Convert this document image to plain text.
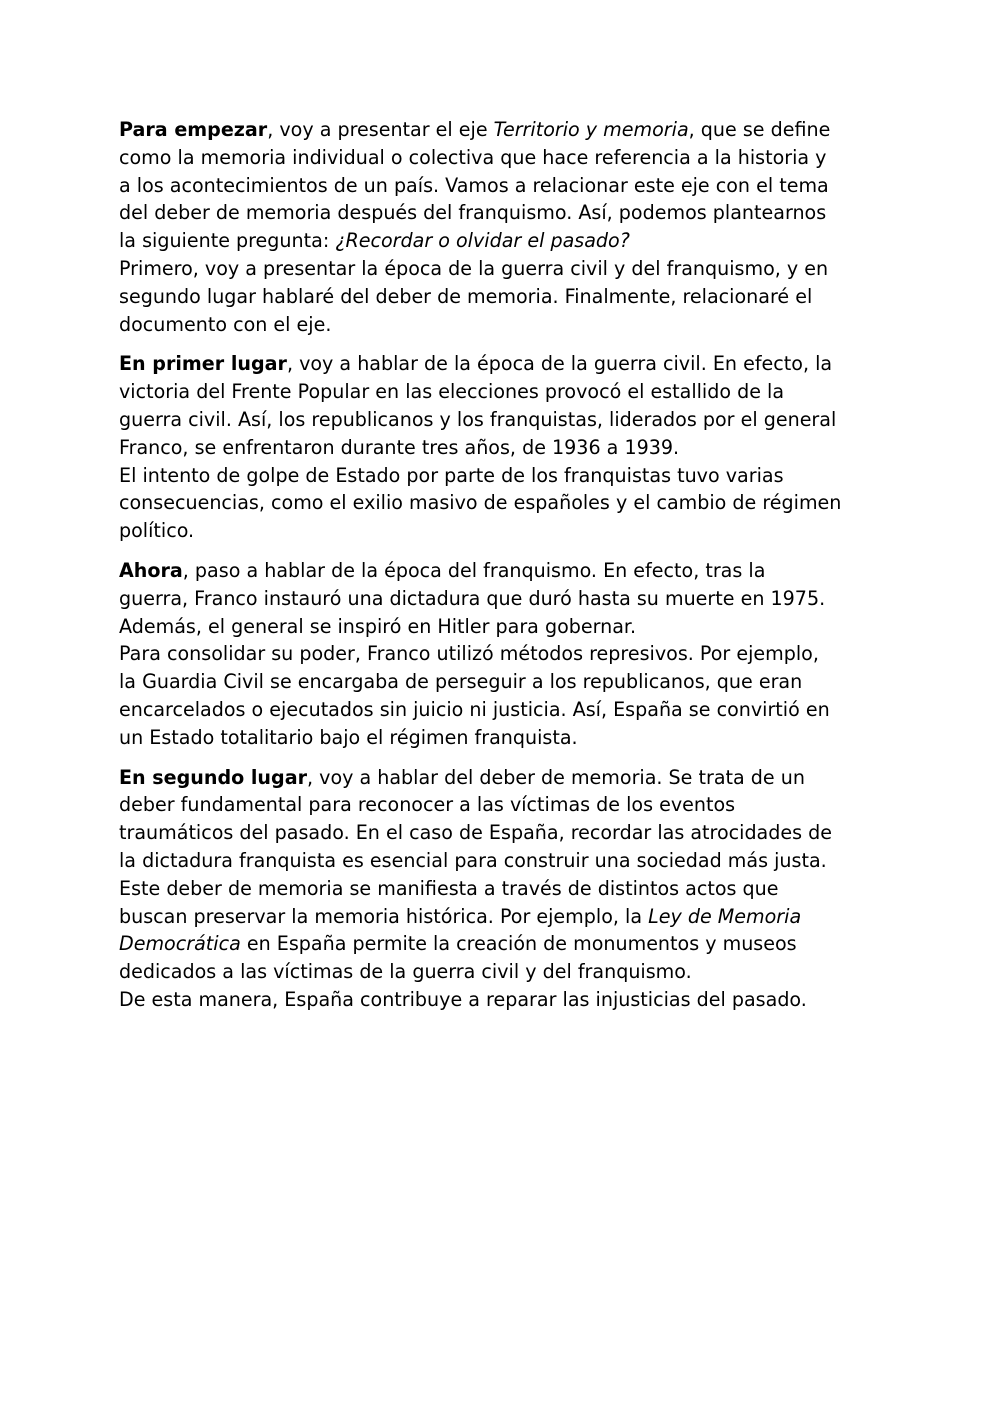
Para empezar, voy a presentar el eje Territorio y memoria, que se define
como la memoria individual o colectiva que hace referencia a la historia y
a los acontecimientos de un país. Vamos a relacionar este eje con el tema
del deber de memoria después del franquismo. Así, podemos plantearnos
la siguiente pregunta: ¿Recordar o olvidar el pasado?
Primero, voy a presentar la época de la guerra civil y del franquismo, y en
segundo lugar hablaré del deber de memoria. Finalmente, relacionaré el
documento con el eje.

En primer lugar, voy a hablar de la época de la guerra civil. En efecto, la
victoria del Frente Popular en las elecciones provocó el estallido de la
guerra civil. Así, los republicanos y los franquistas, liderados por el general
Franco, se enfrentaron durante tres años, de 1936 a 1939.
El intento de golpe de Estado por parte de los franquistas tuvo varias
consecuencias, como el exilio masivo de españoles y el cambio de régimen
político.

Ahora, paso a hablar de la época del franquismo. En efecto, tras la
guerra, Franco instauró una dictadura que duró hasta su muerte en 1975.
Además, el general se inspiró en Hitler para gobernar.
Para consolidar su poder, Franco utilizó métodos represivos. Por ejemplo,
la Guardia Civil se encargaba de perseguir a los republicanos, que eran
encarcelados o ejecutados sin juicio ni justicia. Así, España se convirtió en
un Estado totalitario bajo el régimen franquista.

En segundo lugar, voy a hablar del deber de memoria. Se trata de un
deber fundamental para reconocer a las víctimas de los eventos
traumáticos del pasado. En el caso de España, recordar las atrocidades de
la dictadura franquista es esencial para construir una sociedad más justa.
Este deber de memoria se manifiesta a través de distintos actos que
buscan preservar la memoria histórica. Por ejemplo, la Ley de Memoria
Democrática en España permite la creación de monumentos y museos
dedicados a las víctimas de la guerra civil y del franquismo.
De esta manera, España contribuye a reparar las injusticias del pasado.
